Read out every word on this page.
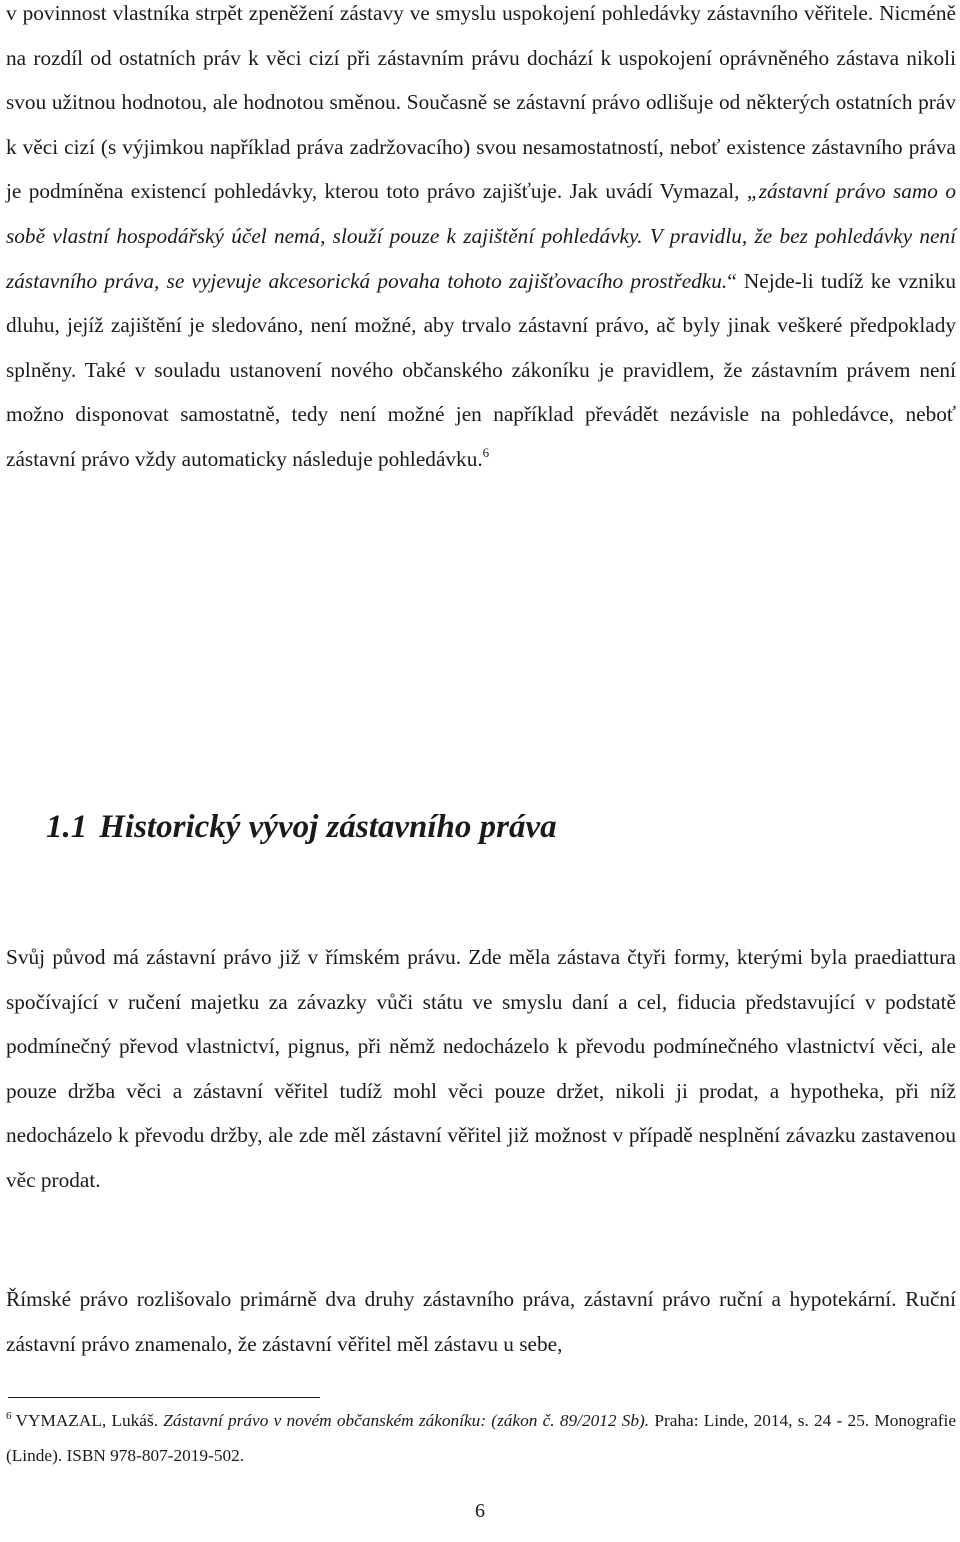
v povinnost vlastníka strpět zpeněžení zástavy ve smyslu uspokojení pohledávky zástavního věřitele. Nicméně na rozdíl od ostatních práv k věci cizí při zástavním právu dochází k uspokojení oprávněného zástava nikoli svou užitnou hodnotou, ale hodnotou směnou. Současně se zástavní právo odlišuje od některých ostatních práv k věci cizí (s výjimkou například práva zadržovacího) svou nesamostatností, neboť existence zástavního práva je podmíněna existencí pohledávky, kterou toto právo zajišťuje. Jak uvádí Vymazal, „zástavní právo samo o sobě vlastní hospodářský účel nemá, slouží pouze k zajištění pohledávky. V pravidlu, že bez pohledávky není zástavního práva, se vyjevuje akcesorická povaha tohoto zajišťovacího prostředku.“ Nejde-li tudíž ke vzniku dluhu, jejíž zajištění je sledováno, není možné, aby trvalo zástavní právo, ač byly jinak veškeré předpoklady splněny. Také v souladu ustanovení nového občanského zákoníku je pravidlem, že zástavním právem není možno disponovat samostatně, tedy není možné jen například převádět nezávisle na pohledávce, neboť zástavní právo vždy automaticky následuje pohledávku.$^6$

1.1 Historický vývoj zástavního práva

Svůj původ má zástavní právo již v římském právu. Zde měla zástava čtyři formy, kterými byla praediattura spočívající v ručení majetku za závazky vůči státu ve smyslu daní a cel, fiducia představující v podstatě podmínečný převod vlastnictví, pignus, při němž nedocházelo k převodu podmínečného vlastnictví věci, ale pouze držba věci a zástavní věřitel tudíž mohl věci pouze držet, nikoli ji prodat, a hypotheka, při níž nedocházelo k převodu držby, ale zde měl zástavní věřitel již možnost v případě nesplnění závazku zastavenou věc prodat.

Římské právo rozlišovalo primárně dva druhy zástavního práva, zástavní právo ruční a hypotekární. Ruční zástavní právo znamenalo, že zástavní věřitel měl zástavu u sebe,

$^6$ VYMAZAL, Lukáš. Zástavní právo v novém občanském zákoníku: (zákon č. 89/2012 Sb). Praha: Linde, 2014, s. 24 - 25. Monografie (Linde). ISBN 978-807-2019-502.

6
